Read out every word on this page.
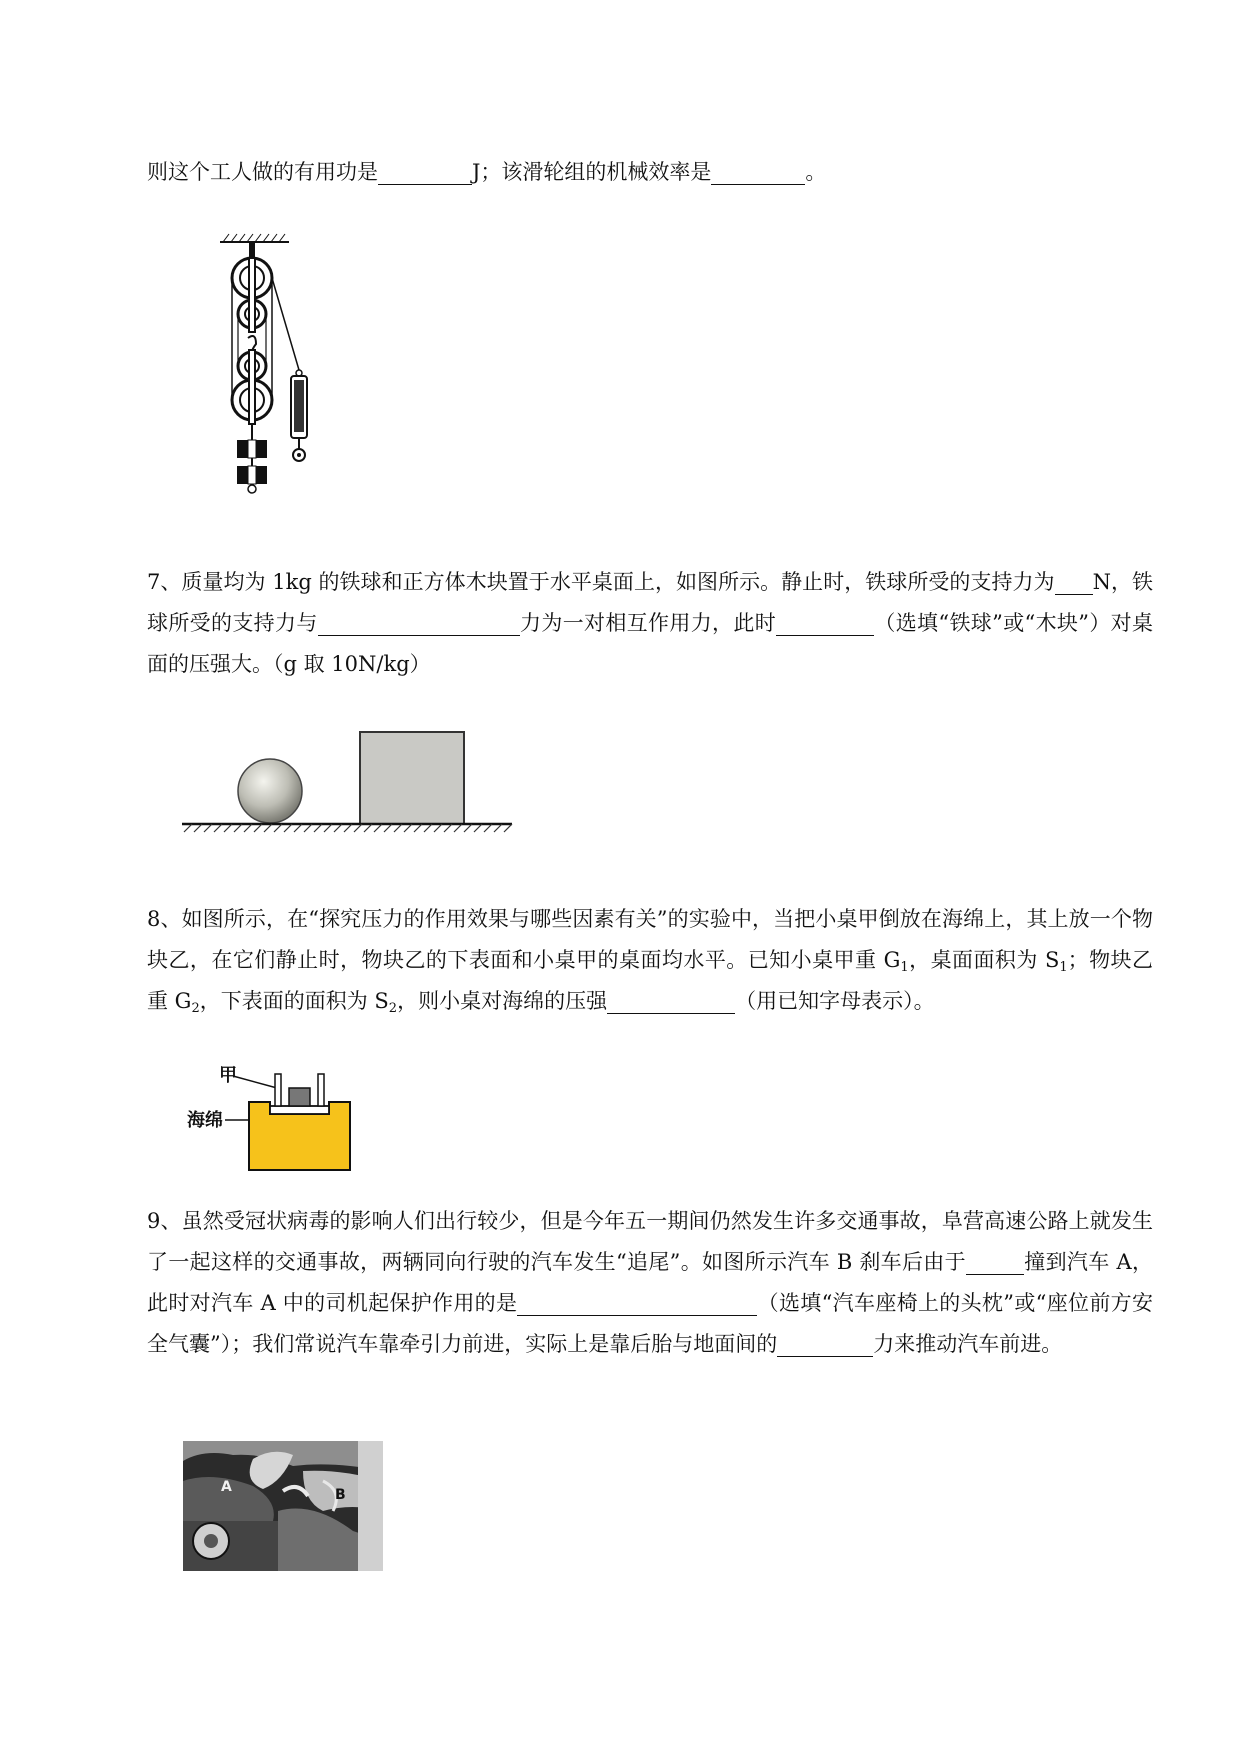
则这个工人做的有用功是	J；该滑轮组的机械效率是	。

7、质量均为 1kg 的铁球和正方体木块置于水平桌面上，如图所示。静止时，铁球所受的支持力为 N，铁球所受的支持力与	力为一对相互作用力，此时	（选填“铁球”或“木块”）对桌面的压强大。（g 取 10N/kg）

8、如图所示，在“探究压力的作用效果与哪些因素有关”的实验中，当把小桌甲倒放在海绵上，其上放一个物块乙，在它们静止时，物块乙的下表面和小桌甲的桌面均水平。已知小桌甲重 $G_1$，桌面面积为 $S_1$；物块乙重 $G_2$，下表面的面积为 $S_2$，则小桌对海绵的压强	（用已知字母表示）。

甲
海绵

9、虽然受冠状病毒的影响人们出行较少，但是今年五一期间仍然发生许多交通事故，阜营高速公路上就发生了一起这样的交通事故，两辆同向行驶的汽车发生“追尾”。如图所示汽车 B 刹车后由于	撞到汽车 A，此时对汽车 A 中的司机起保护作用的是	（选填“汽车座椅上的头枕”或“座位前方安全气囊”）；我们常说汽车靠牵引力前进，实际上是靠后胎与地面间的	力来推动汽车前进。

A	B
